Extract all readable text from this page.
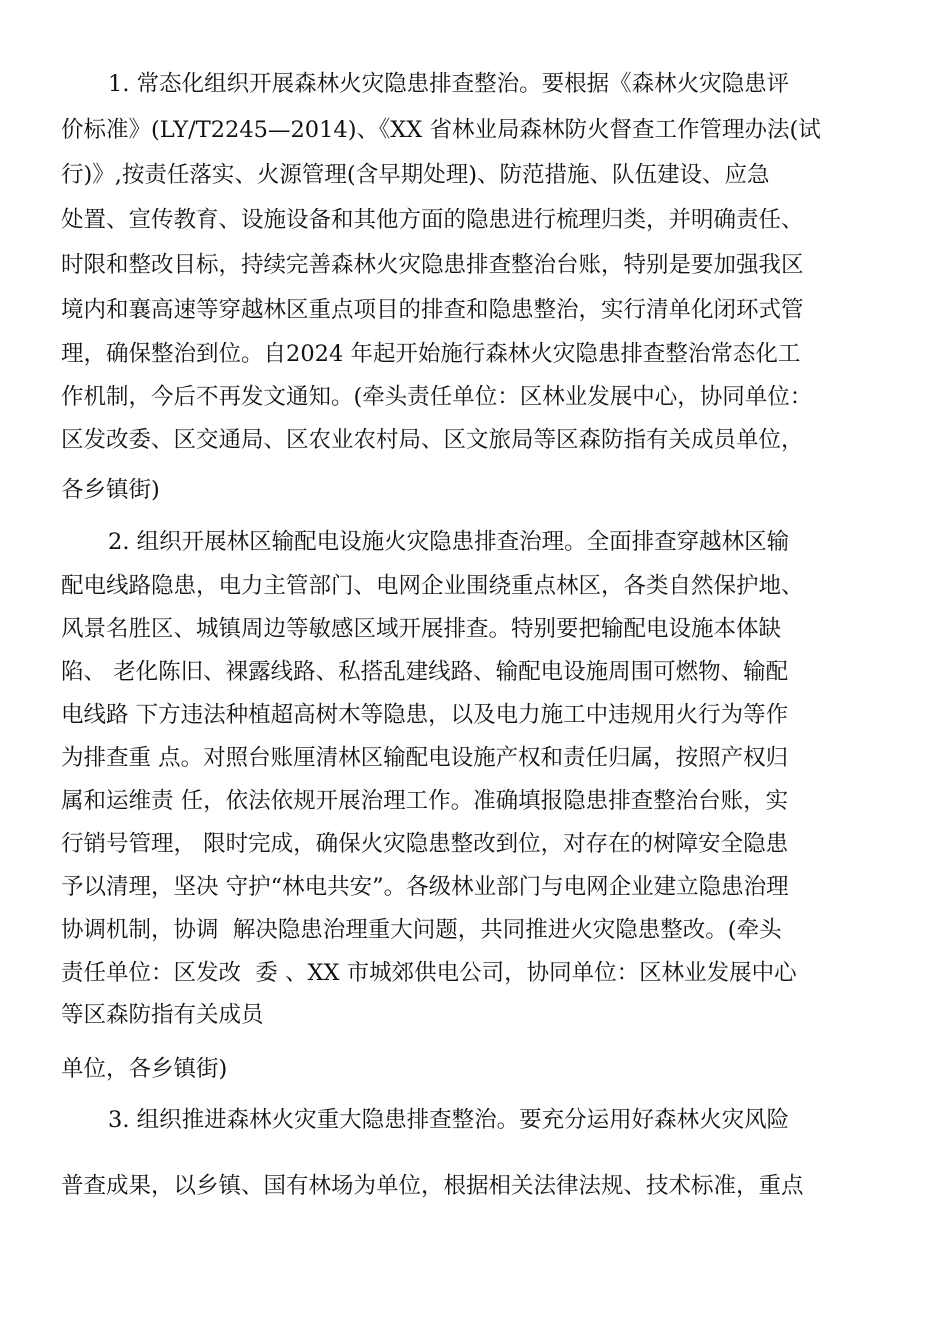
1. 常态化组织开展森林火灾隐患排查整治。要根据《森林火灾隐患评
价标准》(LY/T2245—2014)、《XX 省林业局森林防火督查工作管理办法(试
行)》,按责任落实、火源管理(含早期处理)、防范措施、队伍建设、应急
处置、宣传教育、设施设备和其他方面的隐患进行梳理归类，并明确责任、
时限和整改目标，持续完善森林火灾隐患排查整治台账，特别是要加强我区
境内和襄高速等穿越林区重点项目的排查和隐患整治，实行清单化闭环式管
理，确保整治到位。自2024 年起开始施行森林火灾隐患排查整治常态化工
作机制，今后不再发文通知。(牵头责任单位：区林业发展中心，协同单位：
区发改委、区交通局、区农业农村局、区文旅局等区森防指有关成员单位，
各乡镇街)
2. 组织开展林区输配电设施火灾隐患排查治理。全面排查穿越林区输
配电线路隐患，电力主管部门、电网企业围绕重点林区，各类自然保护地、
风景名胜区、城镇周边等敏感区域开展排查。特别要把输配电设施本体缺
陷、 老化陈旧、裸露线路、私搭乱建线路、输配电设施周围可燃物、输配
电线路 下方违法种植超高树木等隐患，以及电力施工中违规用火行为等作
为排查重 点。对照台账厘清林区输配电设施产权和责任归属，按照产权归
属和运维责 任，依法依规开展治理工作。准确填报隐患排查整治台账，实
行销号管理， 限时完成，确保火灾隐患整改到位，对存在的树障安全隐患
予以清理，坚决 守护“林电共安”。各级林业部门与电网企业建立隐患治理
协调机制，协调  解决隐患治理重大问题，共同推进火灾隐患整改。(牵头
责任单位：区发改  委 、XX 市城郊供电公司，协同单位：区林业发展中心
等区森防指有关成员
单位，各乡镇街)
3. 组织推进森林火灾重大隐患排查整治。要充分运用好森林火灾风险
普查成果，以乡镇、国有林场为单位，根据相关法律法规、技术标准，重点
